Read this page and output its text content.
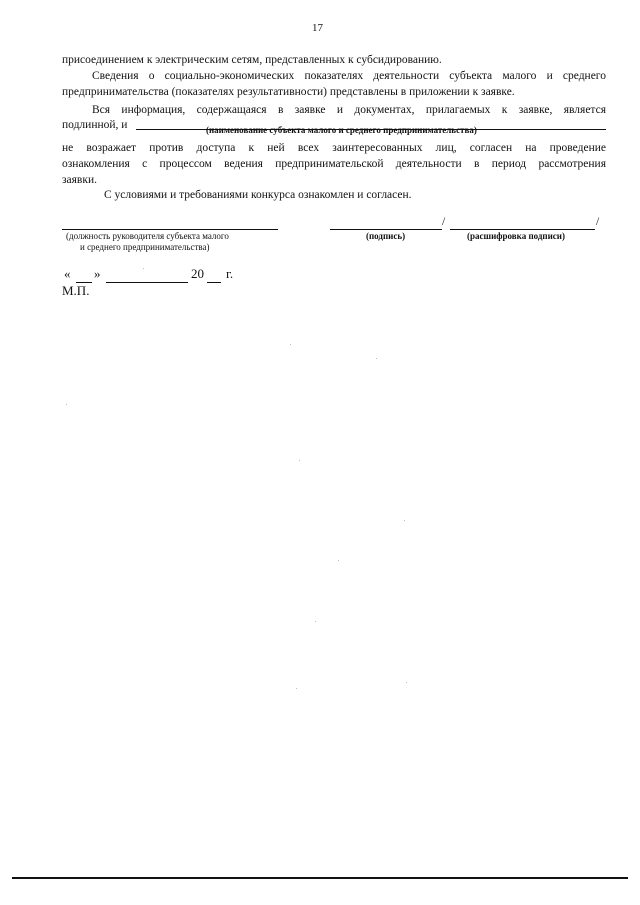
17
присоединением к электрическим сетям, представленных к субсидированию.
Сведения о социально-экономических показателях деятельности субъекта малого и среднего
предпринимательства (показателях результативности) представлены в приложении к заявке.
Вся информация, содержащаяся в заявке и документах, прилагаемых к заявке, является
подлинной, и	(наименование субъекта малого и среднего предпринимательства)
не возражает против доступа к ней всех заинтересованных лиц, согласен на проведение
ознакомления с процессом ведения предпринимательской деятельности в период рассмотрения
заявки.
С условиями и требованиями конкурса ознакомлен и согласен.
(должность руководителя субъекта малого
и среднего предпринимательства)
/	/
(подпись)	(расшифровка подписи)
« »	20 г.
М.П.
